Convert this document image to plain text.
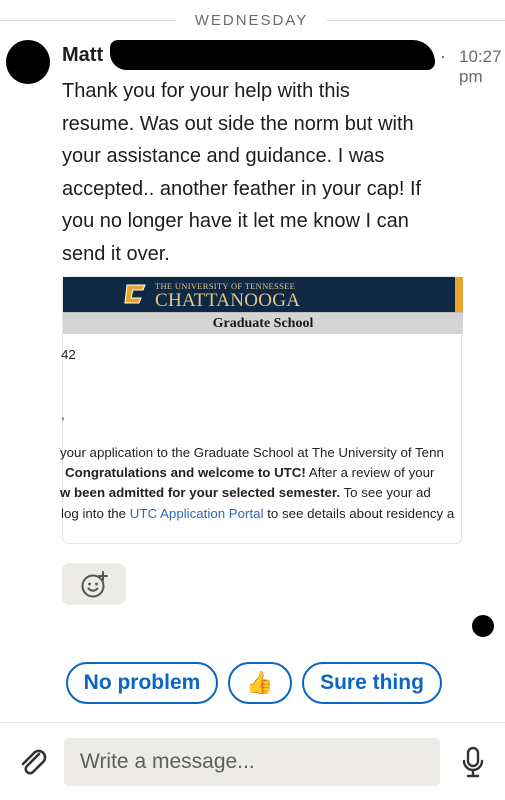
WEDNESDAY
Matt	· 10:27 pm
Thank you for your help with this
resume. Was out side the norm but with
your assistance and guidance. I was
accepted.. another feather in your cap! If
you no longer have it let me know I can
send it over.
THE UNIVERSITY OF TENNESSEE
CHATTANOOGA
Graduate School
42
,
your application to the Graduate School at The University of Tenn
Congratulations and welcome to UTC! After a review of your
w been admitted for your selected semester. To see your ad
log into the UTC Application Portal to see details about residency a
No problem	👍	Sure thing
Write a message...
